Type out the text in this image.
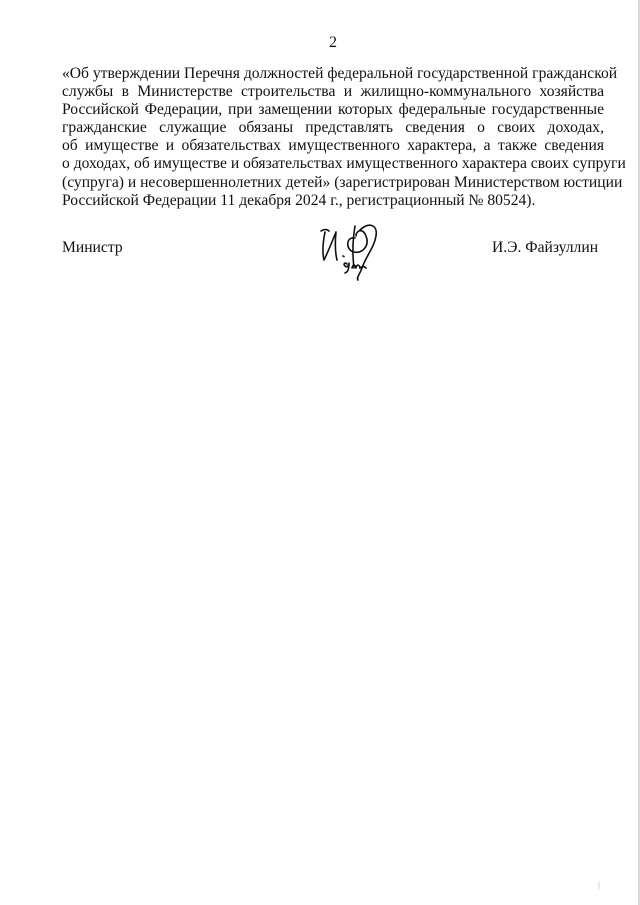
2
«Об утверждении Перечня должностей федеральной государственной гражданской
службы в Министерстве строительства и жилищно-коммунального хозяйства
Российской Федерации, при замещении которых федеральные государственные
гражданские служащие обязаны представлять сведения о своих доходах,
об имуществе и обязательствах имущественного характера, а также сведения
о доходах, об имуществе и обязательствах имущественного характера своих супруги
(супруга) и несовершеннолетних детей» (зарегистрирован Министерством юстиции
Российской Федерации 11 декабря 2024 г., регистрационный № 80524).
Министр	И.Э. Файзуллин
